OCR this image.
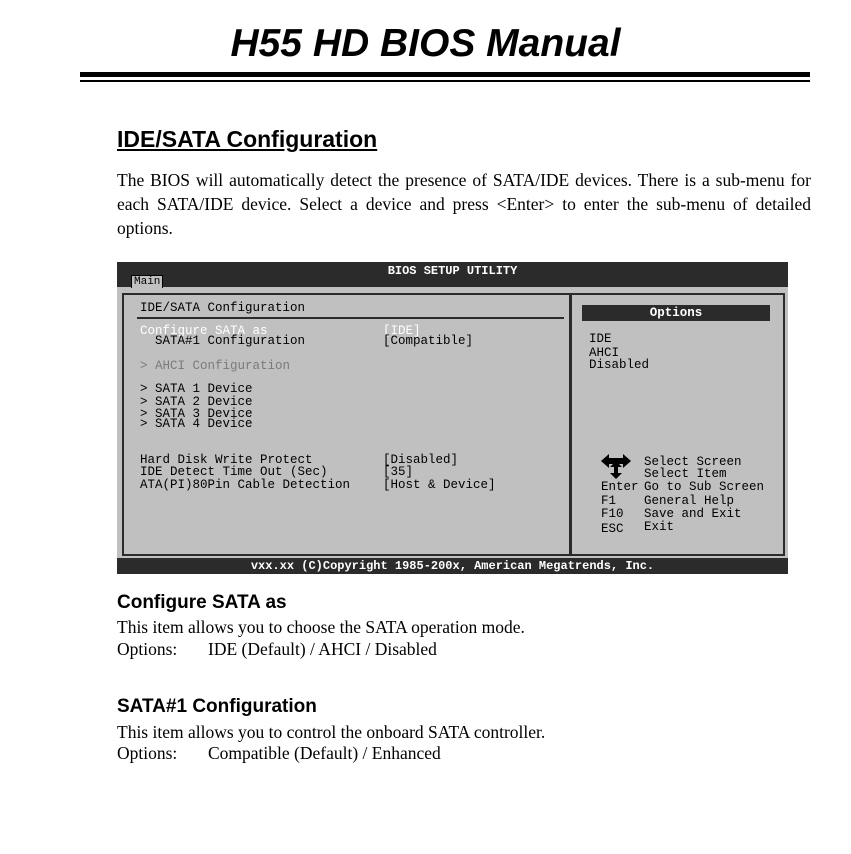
H55 HD BIOS Manual
IDE/SATA Configuration
The BIOS will automatically detect the presence of SATA/IDE devices. There is a sub-menu for each SATA/IDE device. Select a device and press <Enter> to enter the sub-menu of detailed options.
BIOS SETUP UTILITY
Main
IDE/SATA Configuration
Configure SATA as	[IDE]
SATA#1 Configuration	[Compatible]
> AHCI Configuration
> SATA 1 Device
> SATA 2 Device
> SATA 3 Device
> SATA 4 Device
Hard Disk Write Protect	[Disabled]
IDE Detect Time Out (Sec)	[35]
ATA(PI)80Pin Cable Detection	[Host & Device]
Options
IDE
AHCI
Disabled
Select Screen
Select Item
Enter Go to Sub Screen
F1 General Help
F10 Save and Exit
ESC Exit
vxx.xx (C)Copyright 1985-200x, American Megatrends, Inc.
Configure SATA as
This item allows you to choose the SATA operation mode.
Options: IDE (Default) / AHCI / Disabled
SATA#1 Configuration
This item allows you to control the onboard SATA controller.
Options: Compatible (Default) / Enhanced
